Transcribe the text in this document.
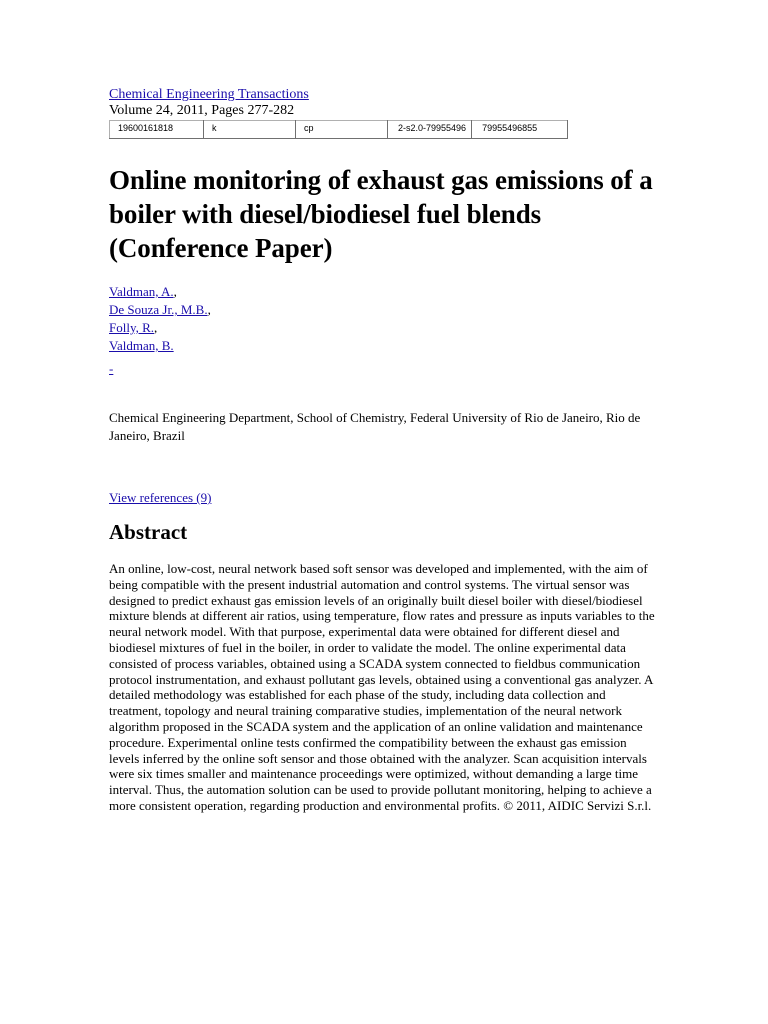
Chemical Engineering Transactions
Volume 24, 2011, Pages 277-282
19600161818	k	cp	2-s2.0-79955496	79955496855
Online monitoring of exhaust gas emissions of a boiler with diesel/biodiesel fuel blends (Conference Paper)
Valdman, A.,
De Souza Jr., M.B.,
Folly, R.,
Valdman, B.
-
Chemical Engineering Department, School of Chemistry, Federal University of Rio de Janeiro, Rio de Janeiro, Brazil
View references (9)
Abstract
An online, low-cost, neural network based soft sensor was developed and implemented, with the aim of being compatible with the present industrial automation and control systems. The virtual sensor was designed to predict exhaust gas emission levels of an originally built diesel boiler with diesel/biodiesel mixture blends at different air ratios, using temperature, flow rates and pressure as inputs variables to the neural network model. With that purpose, experimental data were obtained for different diesel and biodiesel mixtures of fuel in the boiler, in order to validate the model. The online experimental data consisted of process variables, obtained using a SCADA system connected to fieldbus communication protocol instrumentation, and exhaust pollutant gas levels, obtained using a conventional gas analyzer. A detailed methodology was established for each phase of the study, including data collection and treatment, topology and neural training comparative studies, implementation of the neural network algorithm proposed in the SCADA system and the application of an online validation and maintenance procedure. Experimental online tests confirmed the compatibility between the exhaust gas emission levels inferred by the online soft sensor and those obtained with the analyzer. Scan acquisition intervals were six times smaller and maintenance proceedings were optimized, without demanding a large time interval. Thus, the automation solution can be used to provide pollutant monitoring, helping to achieve a more consistent operation, regarding production and environmental profits. © 2011, AIDIC Servizi S.r.l.
